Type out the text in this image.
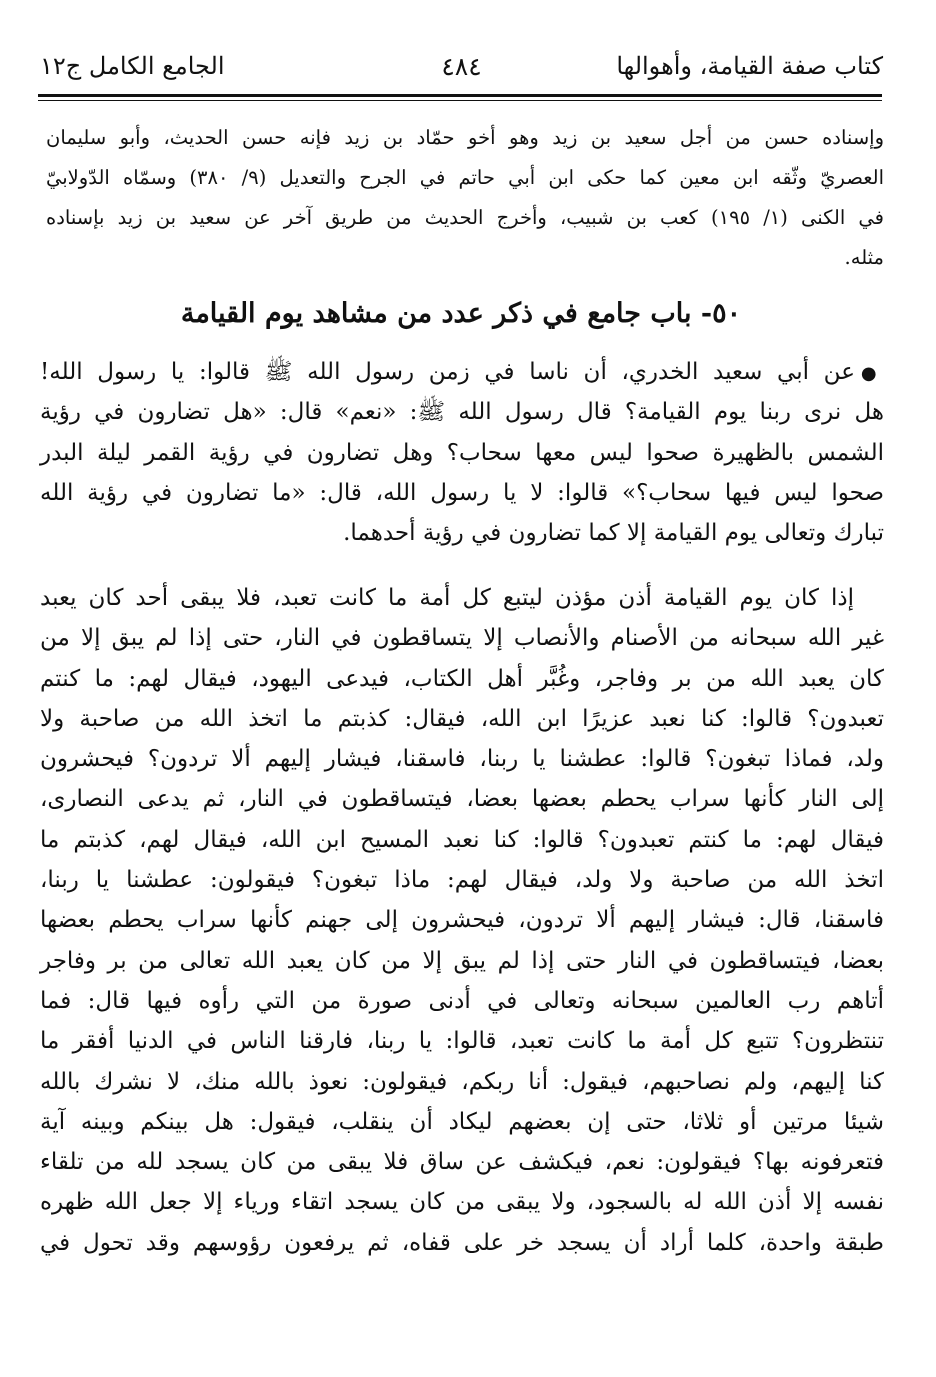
كتاب صفة القيامة، وأهوالها
٤٨٤
الجامع الكامل ج١٢
وإسناده حسن من أجل سعيد بن زيد وهو أخو حمّاد بن زيد فإنه حسن الحديث، وأبو سليمان
العصريّ وثّقه ابن معين كما حكى ابن أبي حاتم في الجرح والتعديل (٩/ ٣٨٠) وسمّاه الدّولابيّ
في الكنى (١/ ١٩٥) كعب بن شبيب، وأخرج الحديث من طريق آخر عن سعيد بن زيد بإسناده
مثله.
٥٠- باب جامع في ذكر عدد من مشاهد يوم القيامة
●عن أبي سعيد الخدري، أن ناسا في زمن رسول الله ﷺ قالوا: يا رسول الله!
هل نرى ربنا يوم القيامة؟ قال رسول الله ﷺ: «نعم» قال: «هل تضارون في رؤية
الشمس بالظهيرة صحوا ليس معها سحاب؟ وهل تضارون في رؤية القمر ليلة البدر
صحوا ليس فيها سحاب؟» قالوا: لا يا رسول الله، قال: «ما تضارون في رؤية الله
تبارك وتعالى يوم القيامة إلا كما تضارون في رؤية أحدهما.
إذا كان يوم القيامة أذن مؤذن ليتبع كل أمة ما كانت تعبد، فلا يبقى أحد كان يعبد
غير الله سبحانه من الأصنام والأنصاب إلا يتساقطون في النار، حتى إذا لم يبق إلا من
كان يعبد الله من بر وفاجر، وغُبَّر أهل الكتاب، فيدعى اليهود، فيقال لهم: ما كنتم
تعبدون؟ قالوا: كنا نعبد عزيرًا ابن الله، فيقال: كذبتم ما اتخذ الله من صاحبة ولا
ولد، فماذا تبغون؟ قالوا: عطشنا يا ربنا، فاسقنا، فيشار إليهم ألا تردون؟ فيحشرون
إلى النار كأنها سراب يحطم بعضها بعضا، فيتساقطون في النار، ثم يدعى النصارى،
فيقال لهم: ما كنتم تعبدون؟ قالوا: كنا نعبد المسيح ابن الله، فيقال لهم، كذبتم ما
اتخذ الله من صاحبة ولا ولد، فيقال لهم: ماذا تبغون؟ فيقولون: عطشنا يا ربنا،
فاسقنا، قال: فيشار إليهم ألا تردون، فيحشرون إلى جهنم كأنها سراب يحطم بعضها
بعضا، فيتساقطون في النار حتى إذا لم يبق إلا من كان يعبد الله تعالى من بر وفاجر
أتاهم رب العالمين سبحانه وتعالى في أدنى صورة من التي رأوه فيها قال: فما
تنتظرون؟ تتبع كل أمة ما كانت تعبد، قالوا: يا ربنا، فارقنا الناس في الدنيا أفقر ما
كنا إليهم، ولم نصاحبهم، فيقول: أنا ربكم، فيقولون: نعوذ بالله منك، لا نشرك بالله
شيئا مرتين أو ثلاثا، حتى إن بعضهم ليكاد أن ينقلب، فيقول: هل بينكم وبينه آية
فتعرفونه بها؟ فيقولون: نعم، فيكشف عن ساق فلا يبقى من كان يسجد لله من تلقاء
نفسه إلا أذن الله له بالسجود، ولا يبقى من كان يسجد اتقاء ورياء إلا جعل الله ظهره
طبقة واحدة، كلما أراد أن يسجد خر على قفاه، ثم يرفعون رؤوسهم وقد تحول في
